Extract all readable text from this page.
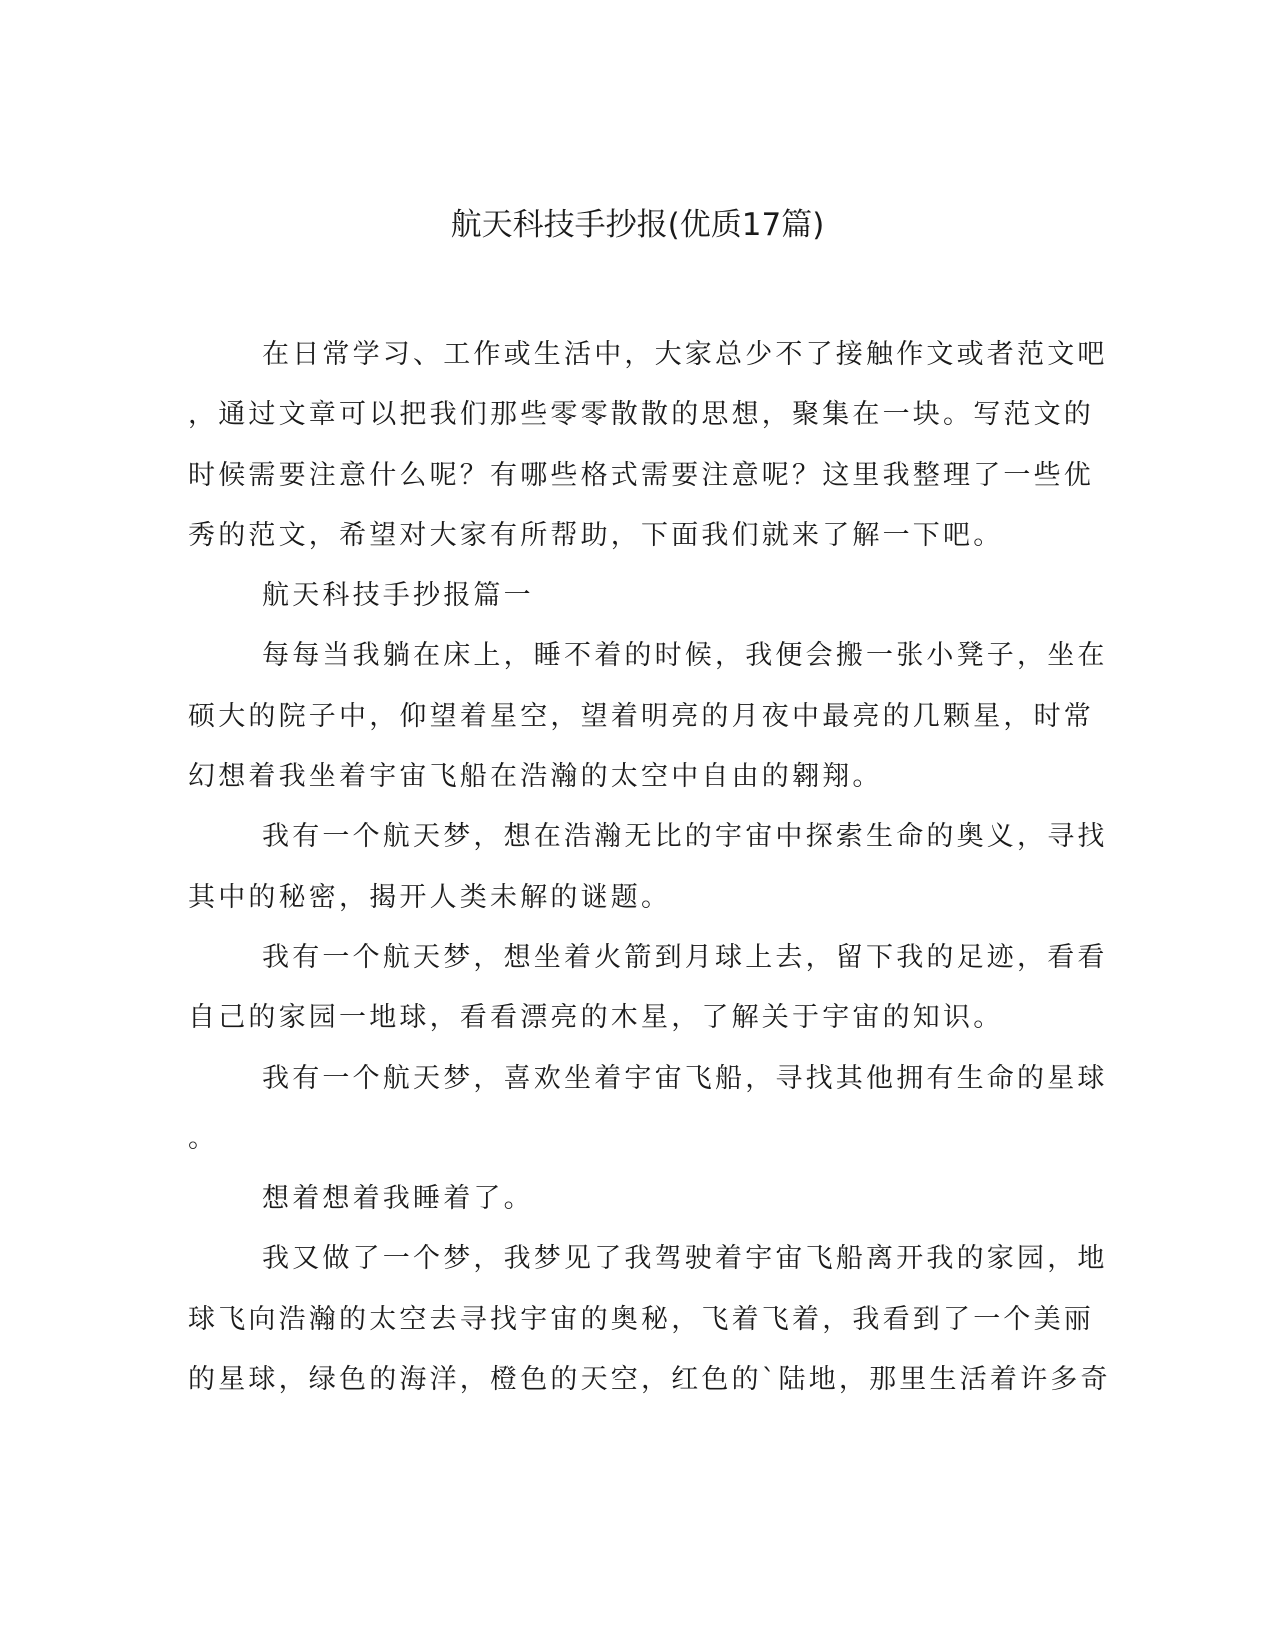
航天科技手抄报(优质17篇)
在日常学习、工作或生活中，大家总少不了接触作文或者范文吧
，通过文章可以把我们那些零零散散的思想，聚集在一块。写范文的
时候需要注意什么呢？有哪些格式需要注意呢？这里我整理了一些优
秀的范文，希望对大家有所帮助，下面我们就来了解一下吧。
航天科技手抄报篇一
每每当我躺在床上，睡不着的时候，我便会搬一张小凳子，坐在
硕大的院子中，仰望着星空，望着明亮的月夜中最亮的几颗星，时常
幻想着我坐着宇宙飞船在浩瀚的太空中自由的翱翔。
我有一个航天梦，想在浩瀚无比的宇宙中探索生命的奥义，寻找
其中的秘密，揭开人类未解的谜题。
我有一个航天梦，想坐着火箭到月球上去，留下我的足迹，看看
自己的家园一地球，看看漂亮的木星，了解关于宇宙的知识。
我有一个航天梦，喜欢坐着宇宙飞船，寻找其他拥有生命的星球
。
想着想着我睡着了。
我又做了一个梦，我梦见了我驾驶着宇宙飞船离开我的家园，地
球飞向浩瀚的太空去寻找宇宙的奥秘，飞着飞着，我看到了一个美丽
的星球，绿色的海洋，橙色的天空，红色的`陆地，那里生活着许多奇
